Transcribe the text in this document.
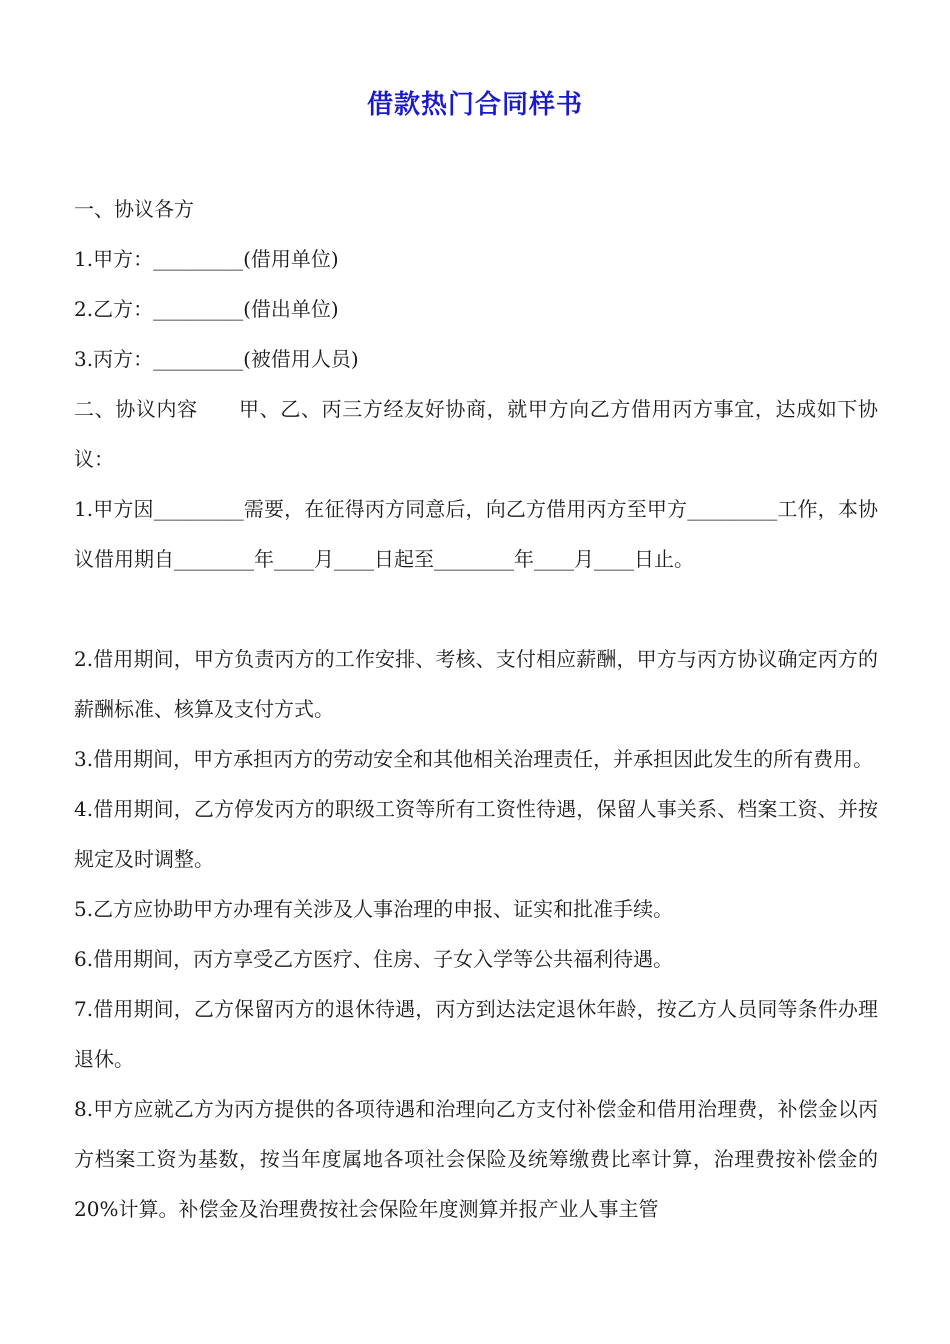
借款热门合同样书

一、协议各方

1.甲方：_________(借用单位)

2.乙方：_________(借出单位)

3.丙方：_________(被借用人员)

二、协议内容　　甲、乙、丙三方经友好协商，就甲方向乙方借用丙方事宜，达成如下协议：

1.甲方因_________需要，在征得丙方同意后，向乙方借用丙方至甲方_________工作，本协议借用期自________年____月____日起至________年____月____日止。

2.借用期间，甲方负责丙方的工作安排、考核、支付相应薪酬，甲方与丙方协议确定丙方的薪酬标准、核算及支付方式。

3.借用期间，甲方承担丙方的劳动安全和其他相关治理责任，并承担因此发生的所有费用。

4.借用期间，乙方停发丙方的职级工资等所有工资性待遇，保留人事关系、档案工资、并按规定及时调整。

5.乙方应协助甲方办理有关涉及人事治理的申报、证实和批准手续。

6.借用期间，丙方享受乙方医疗、住房、子女入学等公共福利待遇。

7.借用期间，乙方保留丙方的退休待遇，丙方到达法定退休年龄，按乙方人员同等条件办理退休。

8.甲方应就乙方为丙方提供的各项待遇和治理向乙方支付补偿金和借用治理费，补偿金以丙方档案工资为基数，按当年度属地各项社会保险及统筹缴费比率计算，治理费按补偿金的20%计算。补偿金及治理费按社会保险年度测算并报产业人事主管
